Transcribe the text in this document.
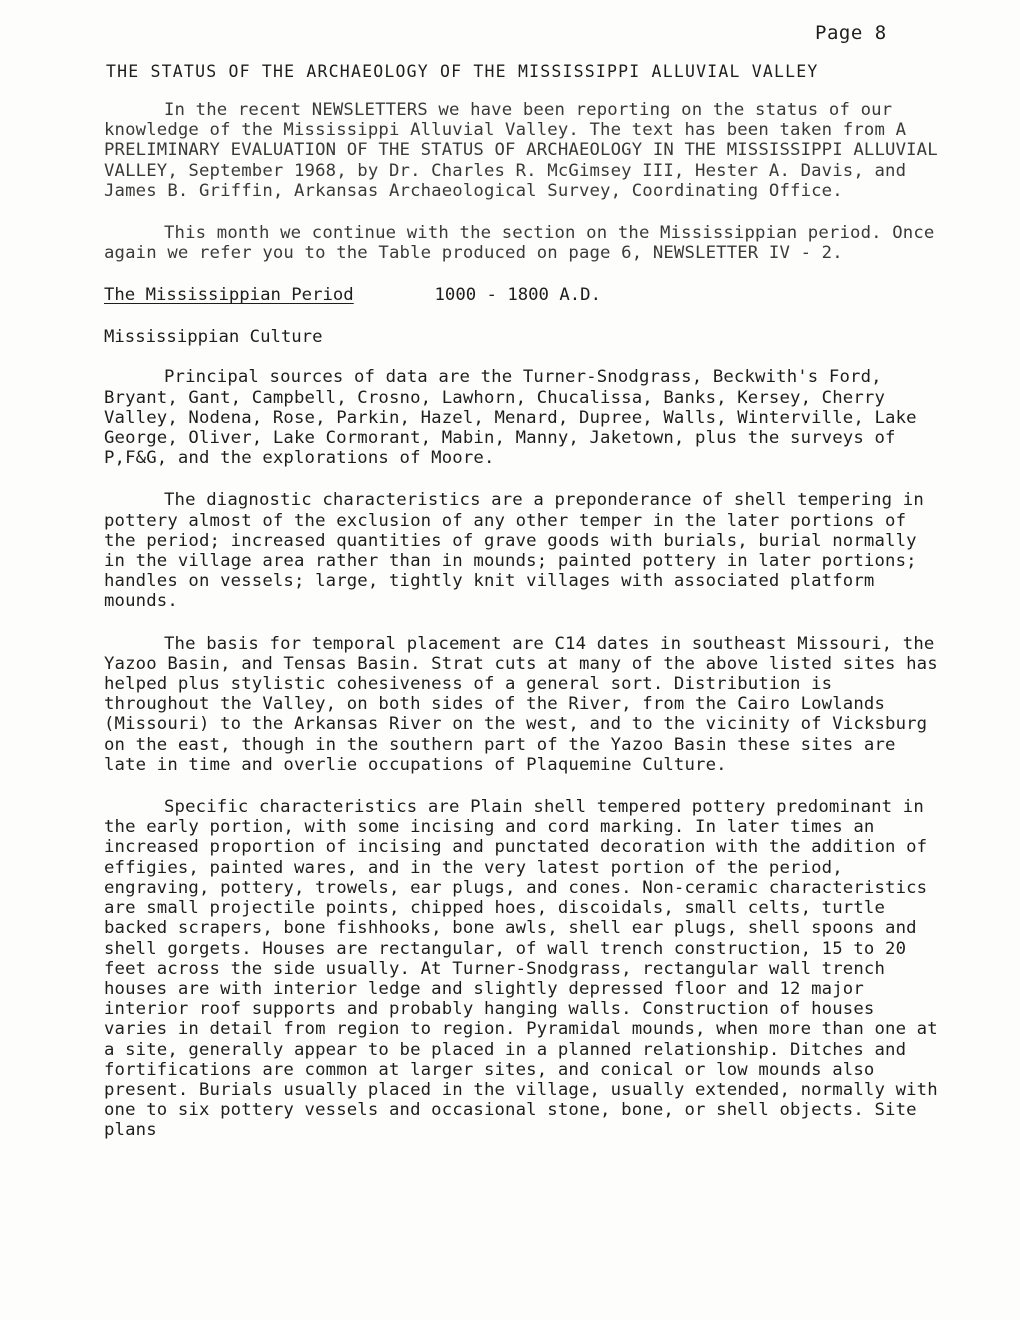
Page 8
THE STATUS OF THE ARCHAEOLOGY OF THE MISSISSIPPI ALLUVIAL VALLEY

In the recent NEWSLETTERS we have been reporting on the status of our knowledge of the Mississippi Alluvial Valley. The text has been taken from A PRELIMINARY EVALUATION OF THE STATUS OF ARCHAEOLOGY IN THE MISSISSIPPI ALLUVIAL VALLEY, September 1968, by Dr. Charles R. McGimsey III, Hester A. Davis, and James B. Griffin, Arkansas Archaeological Survey, Coordinating Office.

This month we continue with the section on the Mississippian period. Once again we refer you to the Table produced on page 6, NEWSLETTER IV - 2.

The Mississippian Period	1000 - 1800 A.D.
Mississippian Culture

Principal sources of data are the Turner-Snodgrass, Beckwith's Ford, Bryant, Gant, Campbell, Crosno, Lawhorn, Chucalissa, Banks, Kersey, Cherry Valley, Nodena, Rose, Parkin, Hazel, Menard, Dupree, Walls, Winterville, Lake George, Oliver, Lake Cormorant, Mabin, Manny, Jaketown, plus the surveys of P,F&G, and the explorations of Moore.

The diagnostic characteristics are a preponderance of shell tempering in pottery almost of the exclusion of any other temper in the later portions of the period; increased quantities of grave goods with burials, burial normally in the village area rather than in mounds; painted pottery in later portions; handles on vessels; large, tightly knit villages with associated platform mounds.

The basis for temporal placement are C14 dates in southeast Missouri, the Yazoo Basin, and Tensas Basin. Strat cuts at many of the above listed sites has helped plus stylistic cohesiveness of a general sort. Distribution is throughout the Valley, on both sides of the River, from the Cairo Lowlands (Missouri) to the Arkansas River on the west, and to the vicinity of Vicksburg on the east, though in the southern part of the Yazoo Basin these sites are late in time and overlie occupations of Plaquemine Culture.

Specific characteristics are Plain shell tempered pottery predominant in the early portion, with some incising and cord marking. In later times an increased proportion of incising and punctated decoration with the addition of effigies, painted wares, and in the very latest portion of the period, engraving, pottery, trowels, ear plugs, and cones. Non-ceramic characteristics are small projectile points, chipped hoes, discoidals, small celts, turtle backed scrapers, bone fishhooks, bone awls, shell ear plugs, shell spoons and shell gorgets. Houses are rectangular, of wall trench construction, 15 to 20 feet across the side usually. At Turner-Snodgrass, rectangular wall trench houses are with interior ledge and slightly depressed floor and 12 major interior roof supports and probably hanging walls. Construction of houses varies in detail from region to region. Pyramidal mounds, when more than one at a site, generally appear to be placed in a planned relationship. Ditches and fortifications are common at larger sites, and conical or low mounds also present. Burials usually placed in the village, usually extended, normally with one to six pottery vessels and occasional stone, bone, or shell objects. Site plans
